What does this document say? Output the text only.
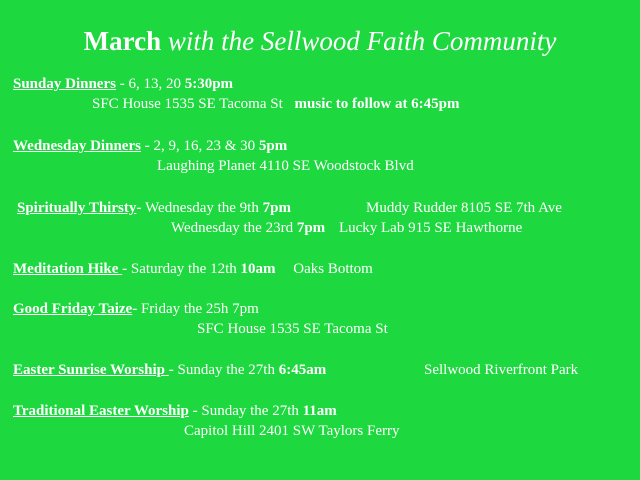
March with the Sellwood Faith Community
Sunday Dinners - 6, 13, 20 5:30pm
SFC House 1535 SE Tacoma St music to follow at 6:45pm
Wednesday Dinners - 2, 9, 16, 23 & 30 5pm
Laughing Planet 4110 SE Woodstock Blvd
Spiritually Thirsty- Wednesday the 9th 7pm	Muddy Rudder 8105 SE 7th Ave
Wednesday the 23rd 7pm Lucky Lab 915 SE Hawthorne
Meditation Hike - Saturday the 12th 10am Oaks Bottom
Good Friday Taize- Friday the 25h 7pm
SFC House 1535 SE Tacoma St
Easter Sunrise Worship - Sunday the 27th 6:45am	Sellwood Riverfront Park
Traditional Easter Worship - Sunday the 27th 11am
Capitol Hill 2401 SW Taylors Ferry
